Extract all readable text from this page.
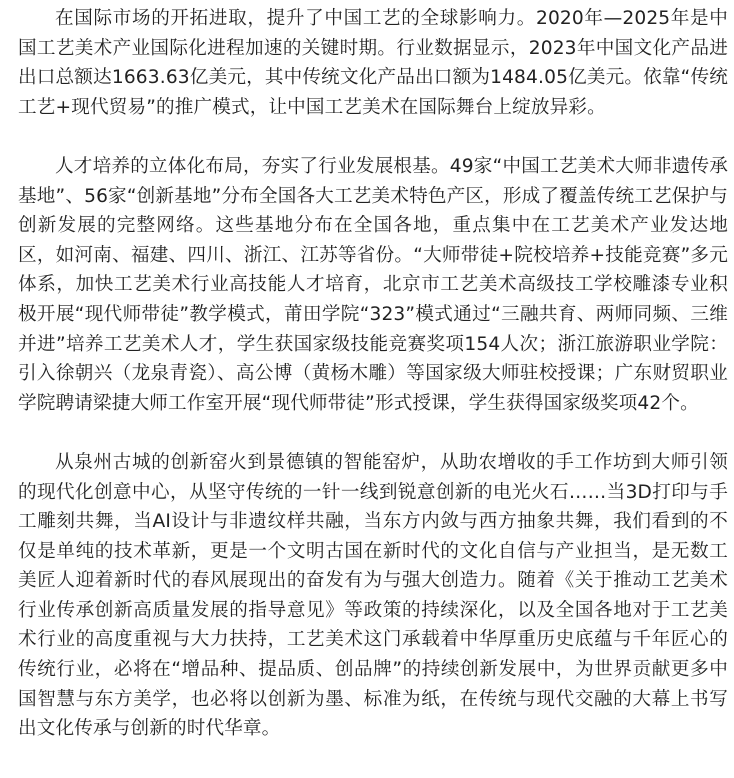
在国际市场的开拓进取，提升了中国工艺的全球影响力。2020年—2025年是中国工艺美术产业国际化进程加速的关键时期。行业数据显示，2023年中国文化产品进出口总额达1663.63亿美元，其中传统文化产品出口额为1484.05亿美元。依靠“传统工艺+现代贸易”的推广模式，让中国工艺美术在国际舞台上绽放异彩。

人才培养的立体化布局，夯实了行业发展根基。49家“中国工艺美术大师非遗传承基地”、56家“创新基地”分布全国各大工艺美术特色产区，形成了覆盖传统工艺保护与创新发展的完整网络。这些基地分布在全国各地，重点集中在工艺美术产业发达地区，如河南、福建、四川、浙江、江苏等省份。“大师带徒+院校培养+技能竞赛”多元体系，加快工艺美术行业高技能人才培育，北京市工艺美术高级技工学校雕漆专业积极开展“现代师带徒”教学模式，莆田学院“323”模式通过“三融共育、两师同频、三维并进”培养工艺美术人才，学生获国家级技能竞赛奖项154人次；浙江旅游职业学院：引入徐朝兴（龙泉青瓷）、高公博（黄杨木雕）等国家级大师驻校授课；广东财贸职业学院聘请梁捷大师工作室开展“现代师带徒”形式授课，学生获得国家级奖项42个。

从泉州古城的创新窑火到景德镇的智能窑炉，从助农增收的手工作坊到大师引领的现代化创意中心，从坚守传统的一针一线到锐意创新的电光火石……当3D打印与手工雕刻共舞，当AI设计与非遗纹样共融，当东方内敛与西方抽象共舞，我们看到的不仅是单纯的技术革新，更是一个文明古国在新时代的文化自信与产业担当，是无数工美匠人迎着新时代的春风展现出的奋发有为与强大创造力。随着《关于推动工艺美术行业传承创新高质量发展的指导意见》等政策的持续深化，以及全国各地对于工艺美术行业的高度重视与大力扶持，工艺美术这门承载着中华厚重历史底蕴与千年匠心的传统行业，必将在“增品种、提品质、创品牌”的持续创新发展中，为世界贡献更多中国智慧与东方美学，也必将以创新为墨、标准为纸，在传统与现代交融的大幕上书写出文化传承与创新的时代华章。
